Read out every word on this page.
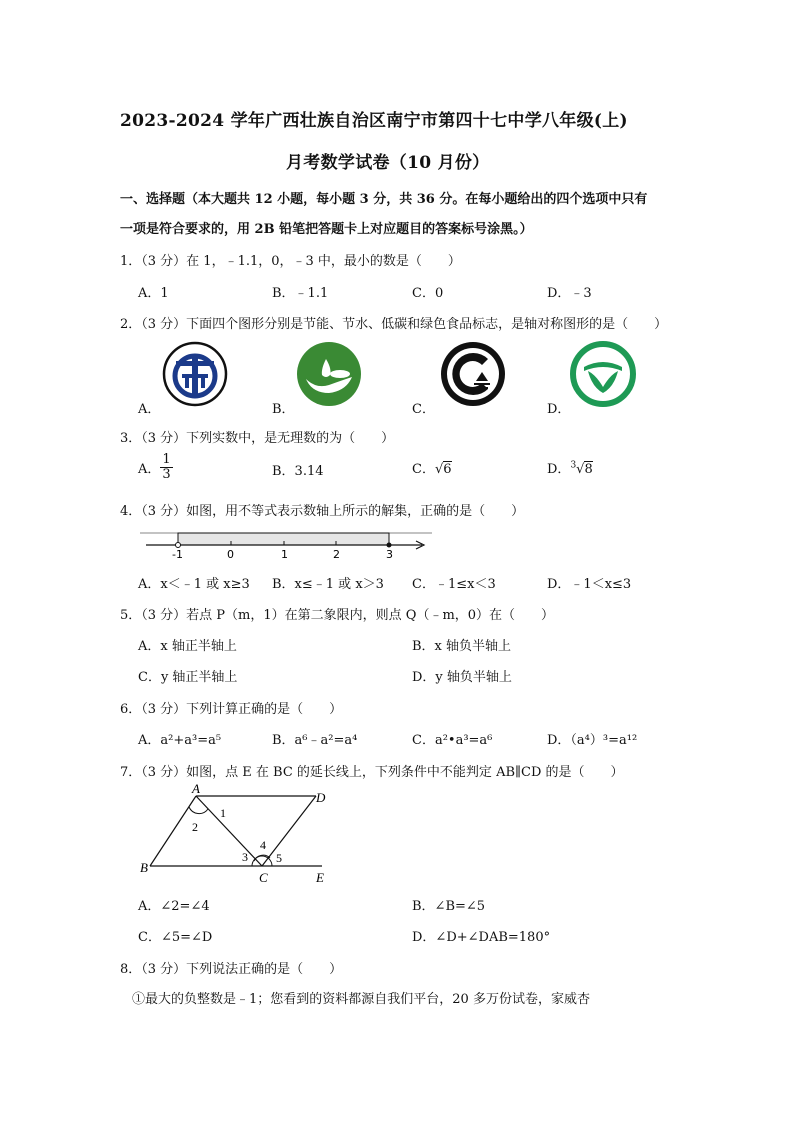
2023-2024 学年广西壮族自治区南宁市第四十七中学八年级(上)
月考数学试卷（10 月份）
一、选择题（本大题共 12 小题，每小题 3 分，共 36 分。在每小题给出的四个选项中只有
一项是符合要求的，用 2B 铅笔把答题卡上对应题目的答案标号涂黑。）
1．（3 分）在 1，﹣1.1，0，﹣3 中，最小的数是（　　）
A．1	B．﹣1.1	C．0	D．﹣3
2．（3 分）下面四个图形分别是节能、节水、低碳和绿色食品标志，是轴对称图形的是（　　）
A．	B．	C．	D．
3．（3 分）下列实数中，是无理数的为（　　）
A． $\frac{1}{3}$	B．3.14	C．√6	D．$^3$√8
4．（3 分）如图，用不等式表示数轴上所示的解集，正确的是（　　）
-1	0	1	2	3
A．x＜﹣1 或 x≥3 B．x≤﹣1 或 x＞3 C．﹣1≤x＜3	D．﹣1＜x≤3
5．（3 分）若点 P（m，1）在第二象限内，则点 Q（﹣m，0）在（　　）
A．x 轴正半轴上	B．x 轴负半轴上
C．y 轴正半轴上	D．y 轴负半轴上
6．（3 分）下列计算正确的是（　　）
A．a²+a³=a⁵	B．a⁶﹣a²=a⁴	C．a²•a³=a⁶	D．（a⁴）³=a¹²
7．（3 分）如图，点 E 在 BC 的延长线上，下列条件中不能判定 AB∥CD 的是（　　）
A
D
B
C	E
1
2
3
4
5
A．∠2=∠4	B．∠B=∠5
C．∠5=∠D	D．∠D+∠DAB=180°
8．（3 分）下列说法正确的是（　　）
①最大的负整数是﹣1；您看到的资料都源自我们平台，20 多万份试卷，家威杏
